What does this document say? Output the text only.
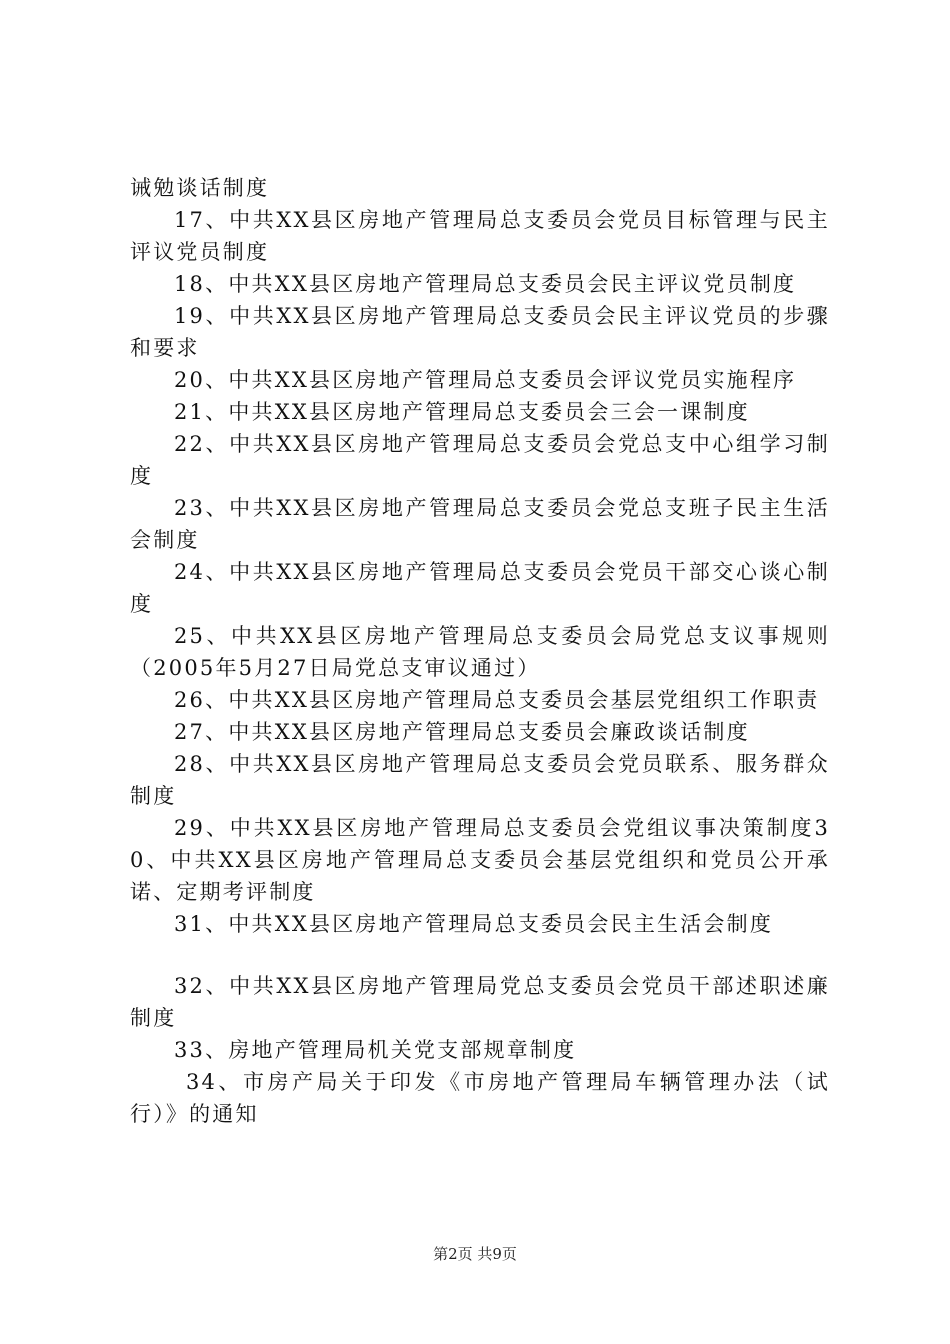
诫勉谈话制度

17、中共XX县区房地产管理局总支委员会党员目标管理与民主评议党员制度

18、中共XX县区房地产管理局总支委员会民主评议党员制度

19、中共XX县区房地产管理局总支委员会民主评议党员的步骤和要求

20、中共XX县区房地产管理局总支委员会评议党员实施程序

21、中共XX县区房地产管理局总支委员会三会一课制度

22、中共XX县区房地产管理局总支委员会党总支中心组学习制度

23、中共XX县区房地产管理局总支委员会党总支班子民主生活会制度

24、中共XX县区房地产管理局总支委员会党员干部交心谈心制度

25、中共XX县区房地产管理局总支委员会局党总支议事规则（2005年5月27日局党总支审议通过）

26、中共XX县区房地产管理局总支委员会基层党组织工作职责

27、中共XX县区房地产管理局总支委员会廉政谈话制度

28、中共XX县区房地产管理局总支委员会党员联系、服务群众制度

29、中共XX县区房地产管理局总支委员会党组议事决策制度30、中共XX县区房地产管理局总支委员会基层党组织和党员公开承诺、定期考评制度

31、中共XX县区房地产管理局总支委员会民主生活会制度

32、中共XX县区房地产管理局党总支委员会党员干部述职述廉制度

33、房地产管理局机关党支部规章制度

34、市房产局关于印发《市房地产管理局车辆管理办法（试行）》的通知

第2页 共9页
